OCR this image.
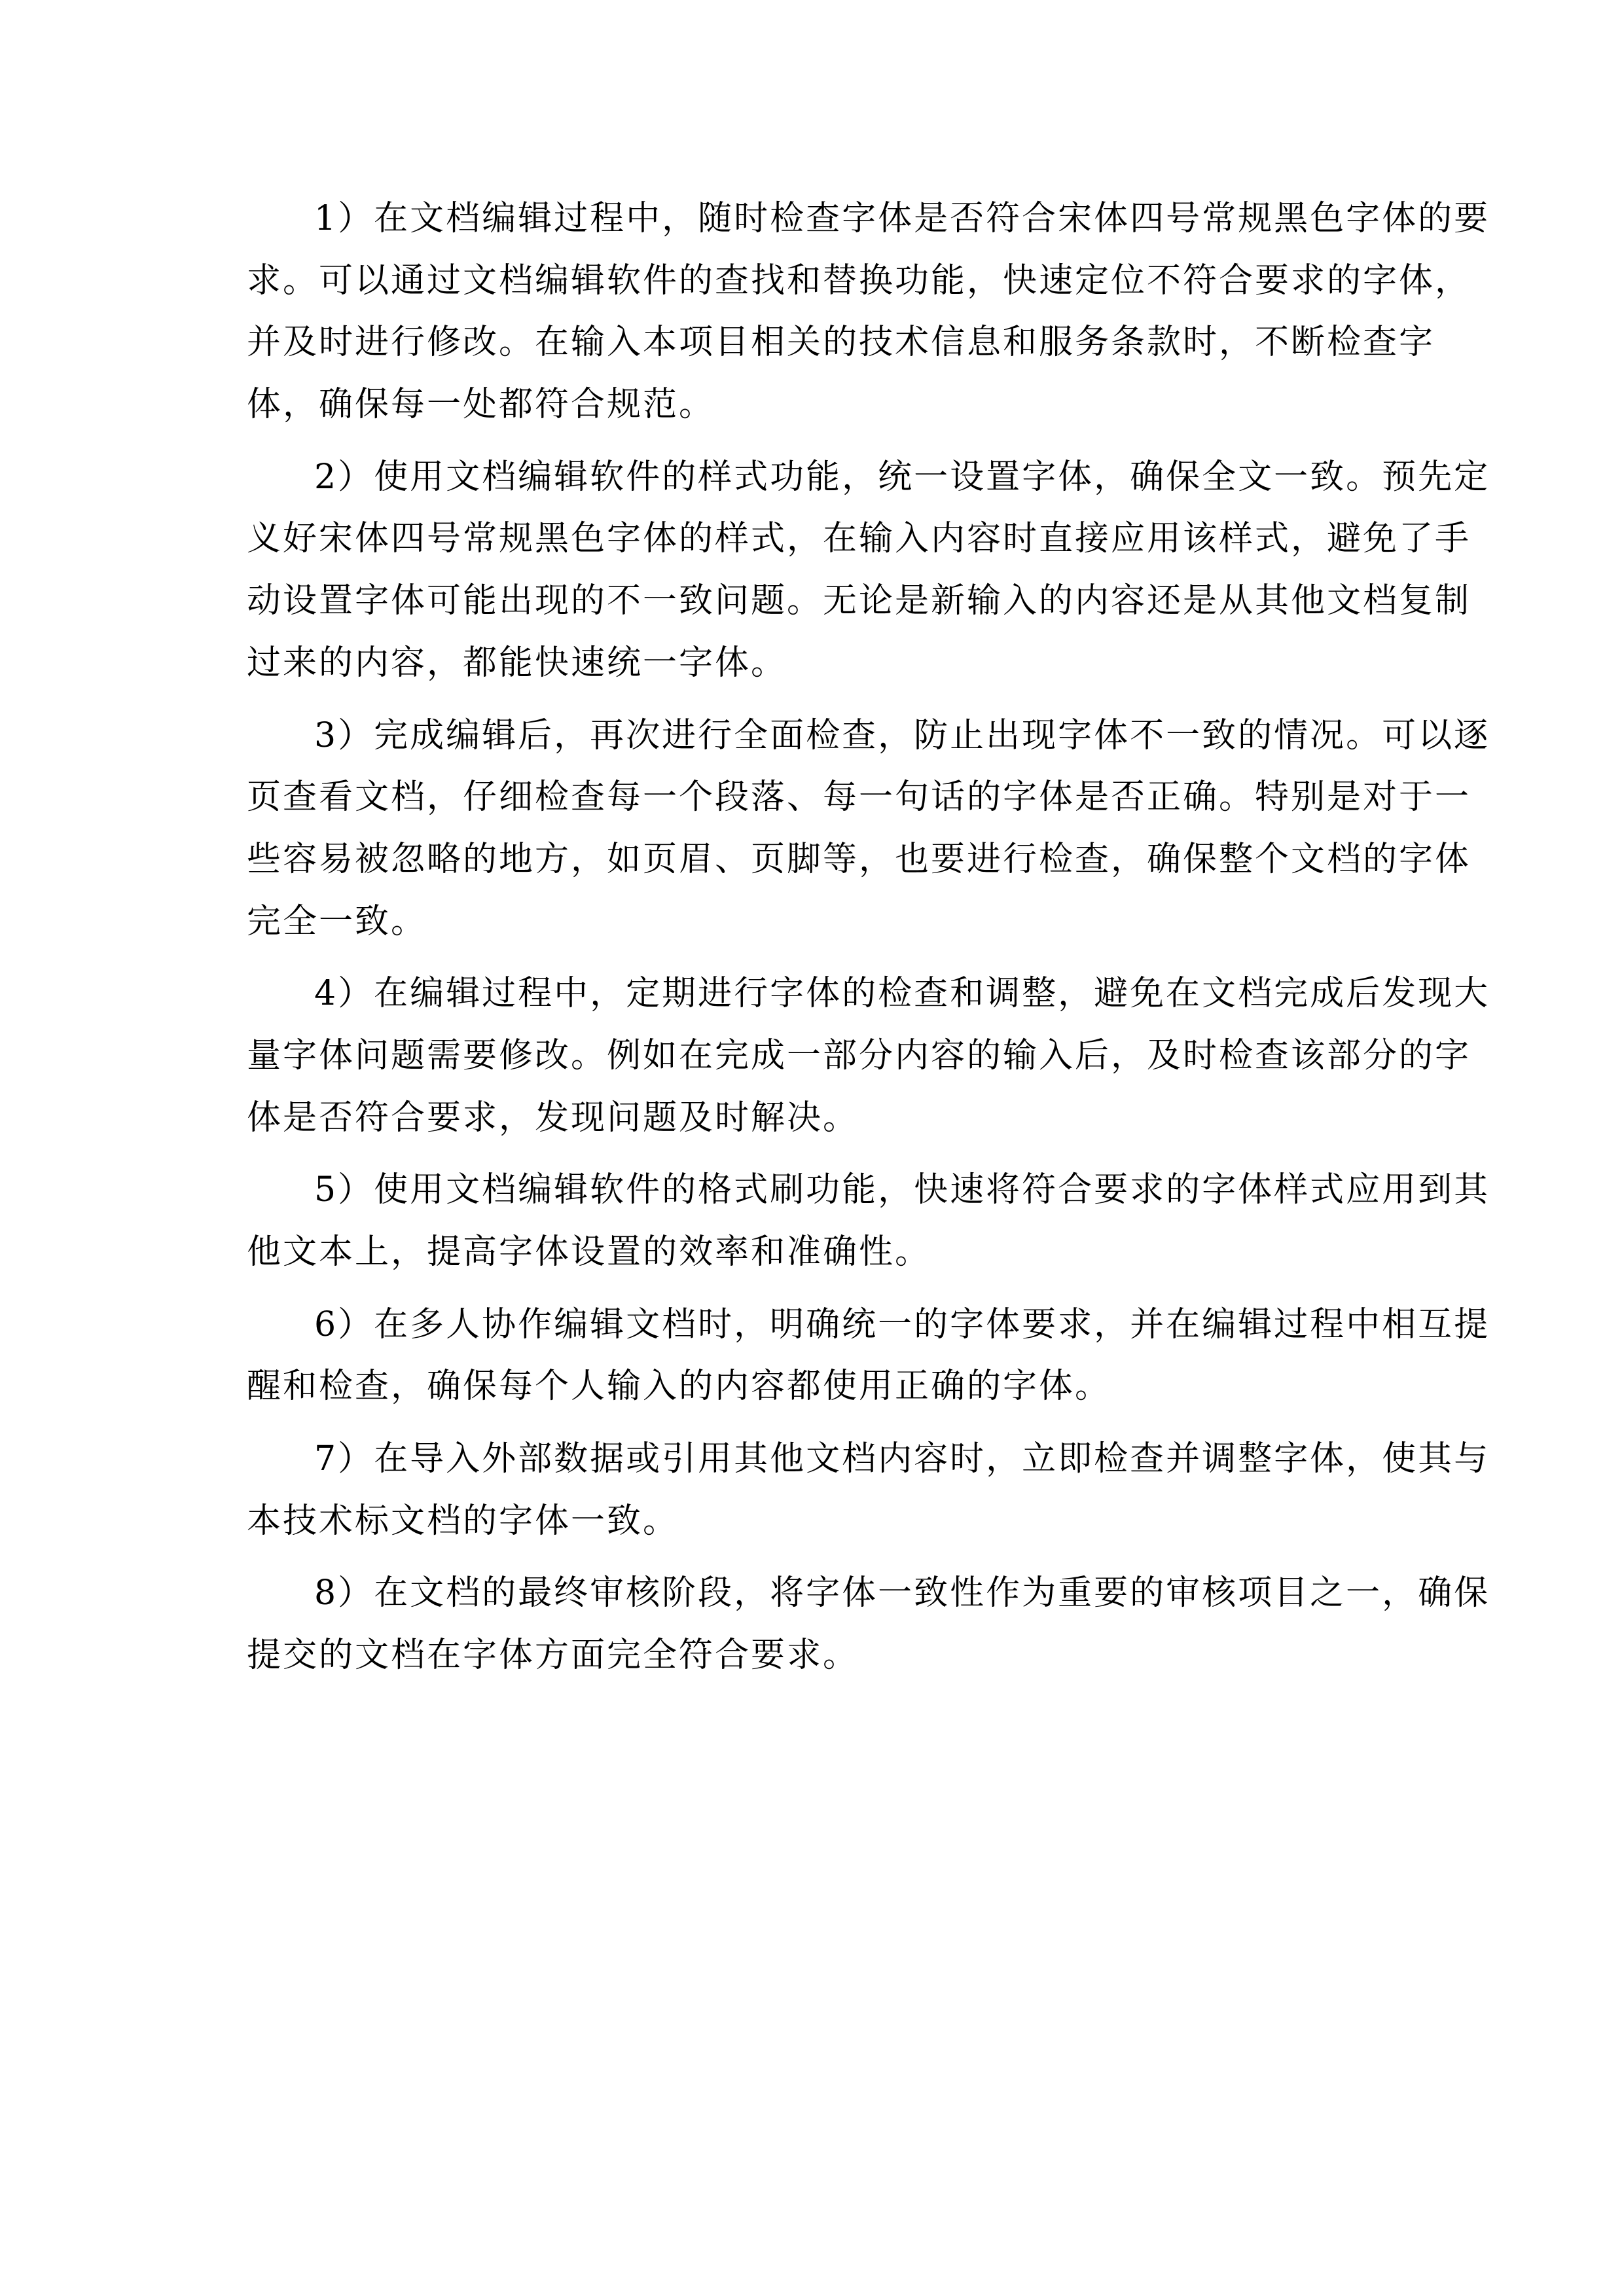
1）在文档编辑过程中，随时检查字体是否符合宋体四号常规黑色字体的要
求。可以通过文档编辑软件的查找和替换功能，快速定位不符合要求的字体，
并及时进行修改。在输入本项目相关的技术信息和服务条款时，不断检查字
体，确保每一处都符合规范。

2）使用文档编辑软件的样式功能，统一设置字体，确保全文一致。预先定
义好宋体四号常规黑色字体的样式，在输入内容时直接应用该样式，避免了手
动设置字体可能出现的不一致问题。无论是新输入的内容还是从其他文档复制
过来的内容，都能快速统一字体。

3）完成编辑后，再次进行全面检查，防止出现字体不一致的情况。可以逐
页查看文档，仔细检查每一个段落、每一句话的字体是否正确。特别是对于一
些容易被忽略的地方，如页眉、页脚等，也要进行检查，确保整个文档的字体
完全一致。

4）在编辑过程中，定期进行字体的检查和调整，避免在文档完成后发现大
量字体问题需要修改。例如在完成一部分内容的输入后，及时检查该部分的字
体是否符合要求，发现问题及时解决。

5）使用文档编辑软件的格式刷功能，快速将符合要求的字体样式应用到其
他文本上，提高字体设置的效率和准确性。

6）在多人协作编辑文档时，明确统一的字体要求，并在编辑过程中相互提
醒和检查，确保每个人输入的内容都使用正确的字体。

7）在导入外部数据或引用其他文档内容时，立即检查并调整字体，使其与
本技术标文档的字体一致。

8）在文档的最终审核阶段，将字体一致性作为重要的审核项目之一，确保
提交的文档在字体方面完全符合要求。
